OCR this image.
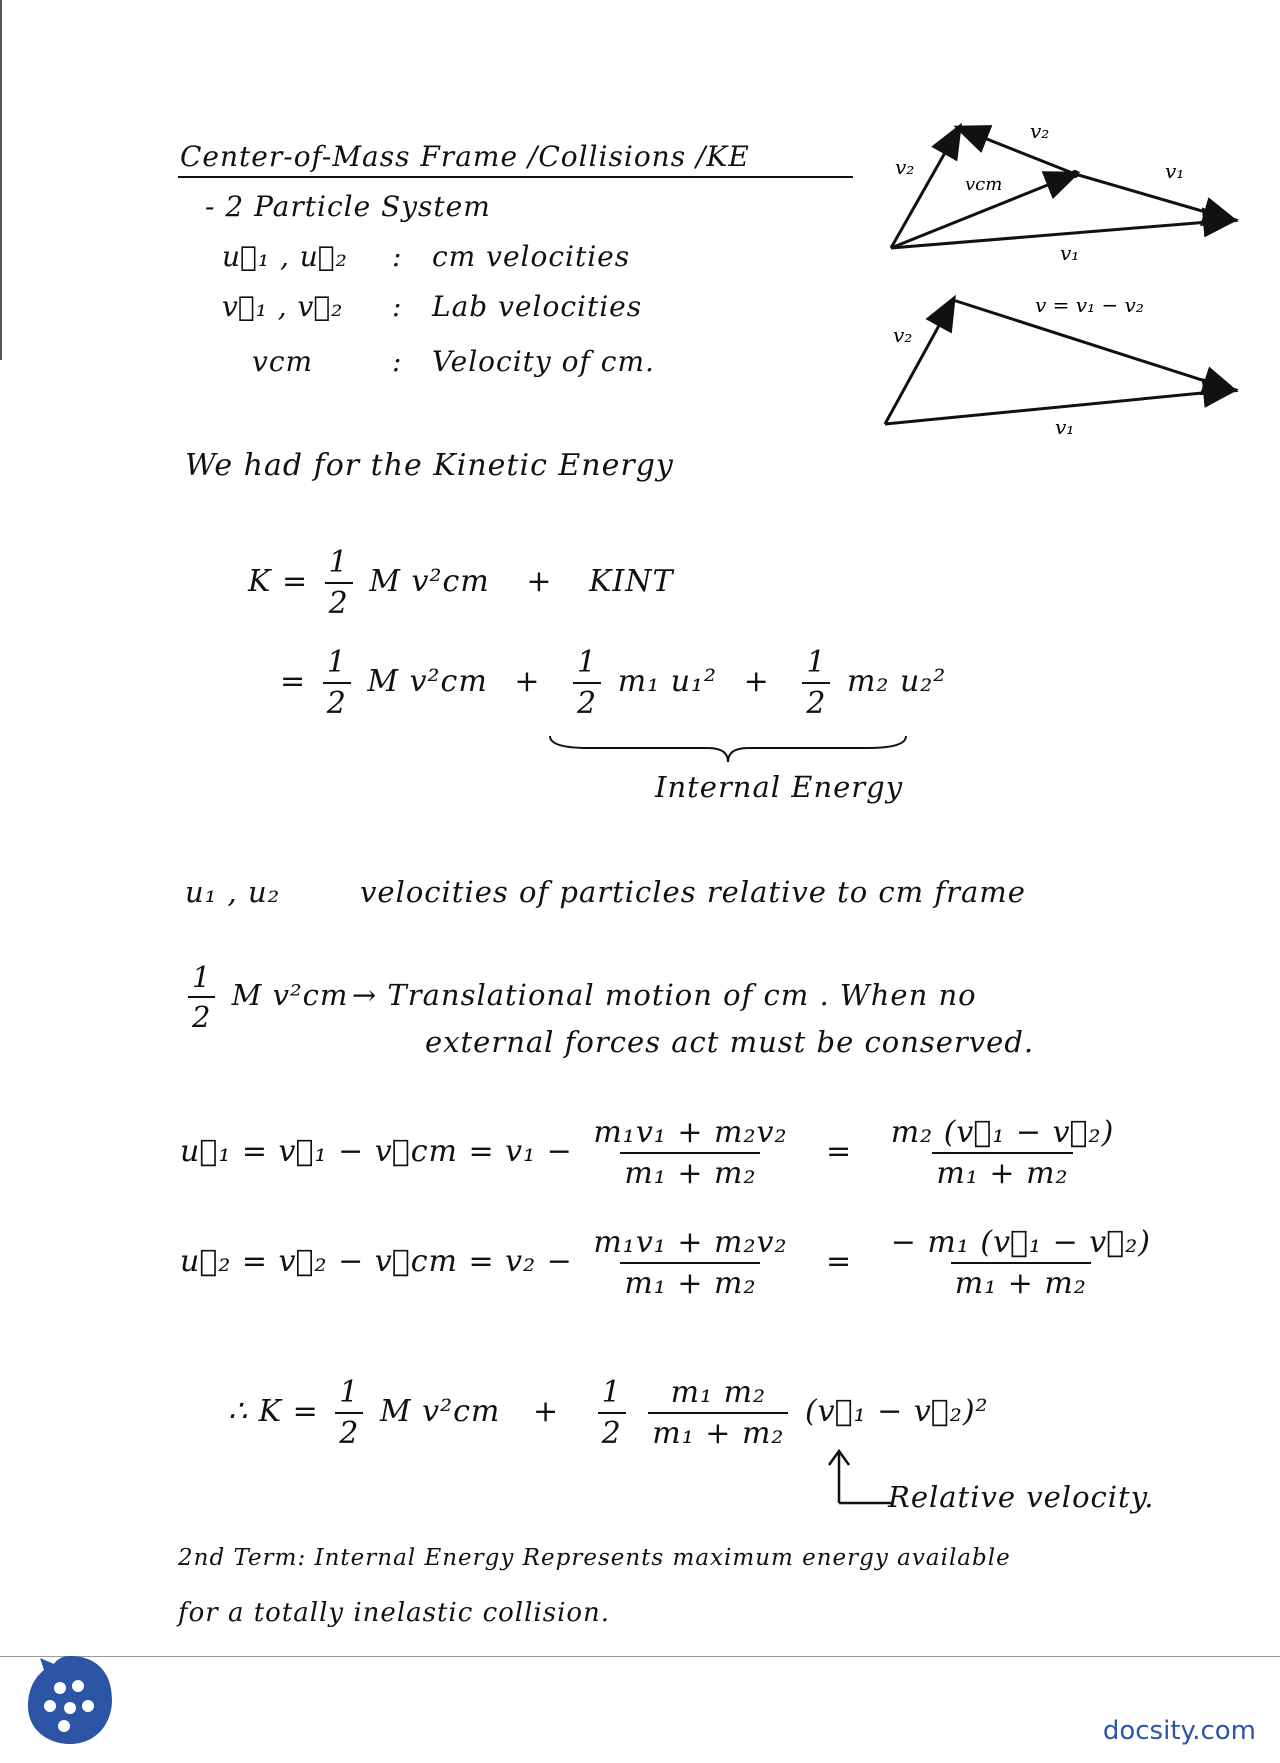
Center-of-Mass Frame /Collisions /KE
- 2 Particle System
u⃗₁ , u⃗₂ : cm velocities
v⃗₁ , v⃗₂ : Lab velocities
vcm	: Velocity of cm.
We had for the Kinetic Energy
$K = \frac{1}{2}$ M v²cm + KINT
= $\frac{1}{2}$ M $v^2cm + \frac{1}{2} m_1$ $u_1^2 + \frac{1}{2} m_2$ u₂²
Internal Energy
u₁ , u₂	velocities of particles relative to cm frame
$\frac{1}{2}$ M v²cm → Translational motion of cm . When no
external forces act must be conserved.
u⃗₁ = v⃗₁ − v⃗cm = $v_1 - \frac{\text{m₁v₁ + m₂v₂}}{\text{m₁ + m₂}} = \frac{\text{m₂ (v⃗₁ − v⃗₂)}}{\text{m₁ + m₂}}$
u⃗₂ = v⃗₂ − v⃗cm = $v_2 - \frac{\text{m₁v₁ + m₂v₂}}{\text{m₁ + m₂}} = \frac{\text{− m₁ (v⃗₁ − v⃗₂)}}{\text{m₁ + m₂}}$
∴ $K = \frac{1}{2}$ M $v^2cm + \frac{1}{2}$
$\frac{\text{m₁ m₂}}{\text{m₁ + m₂}}$ (v⃗₁ − v⃗₂)²
Relative velocity.
2nd Term: Internal Energy Represents maximum energy available
for a totally inelastic collision.
v₂
v₁
v₂
vcm
v₁
v = v₁ − v₂
v₂
v₁
docsity.com
